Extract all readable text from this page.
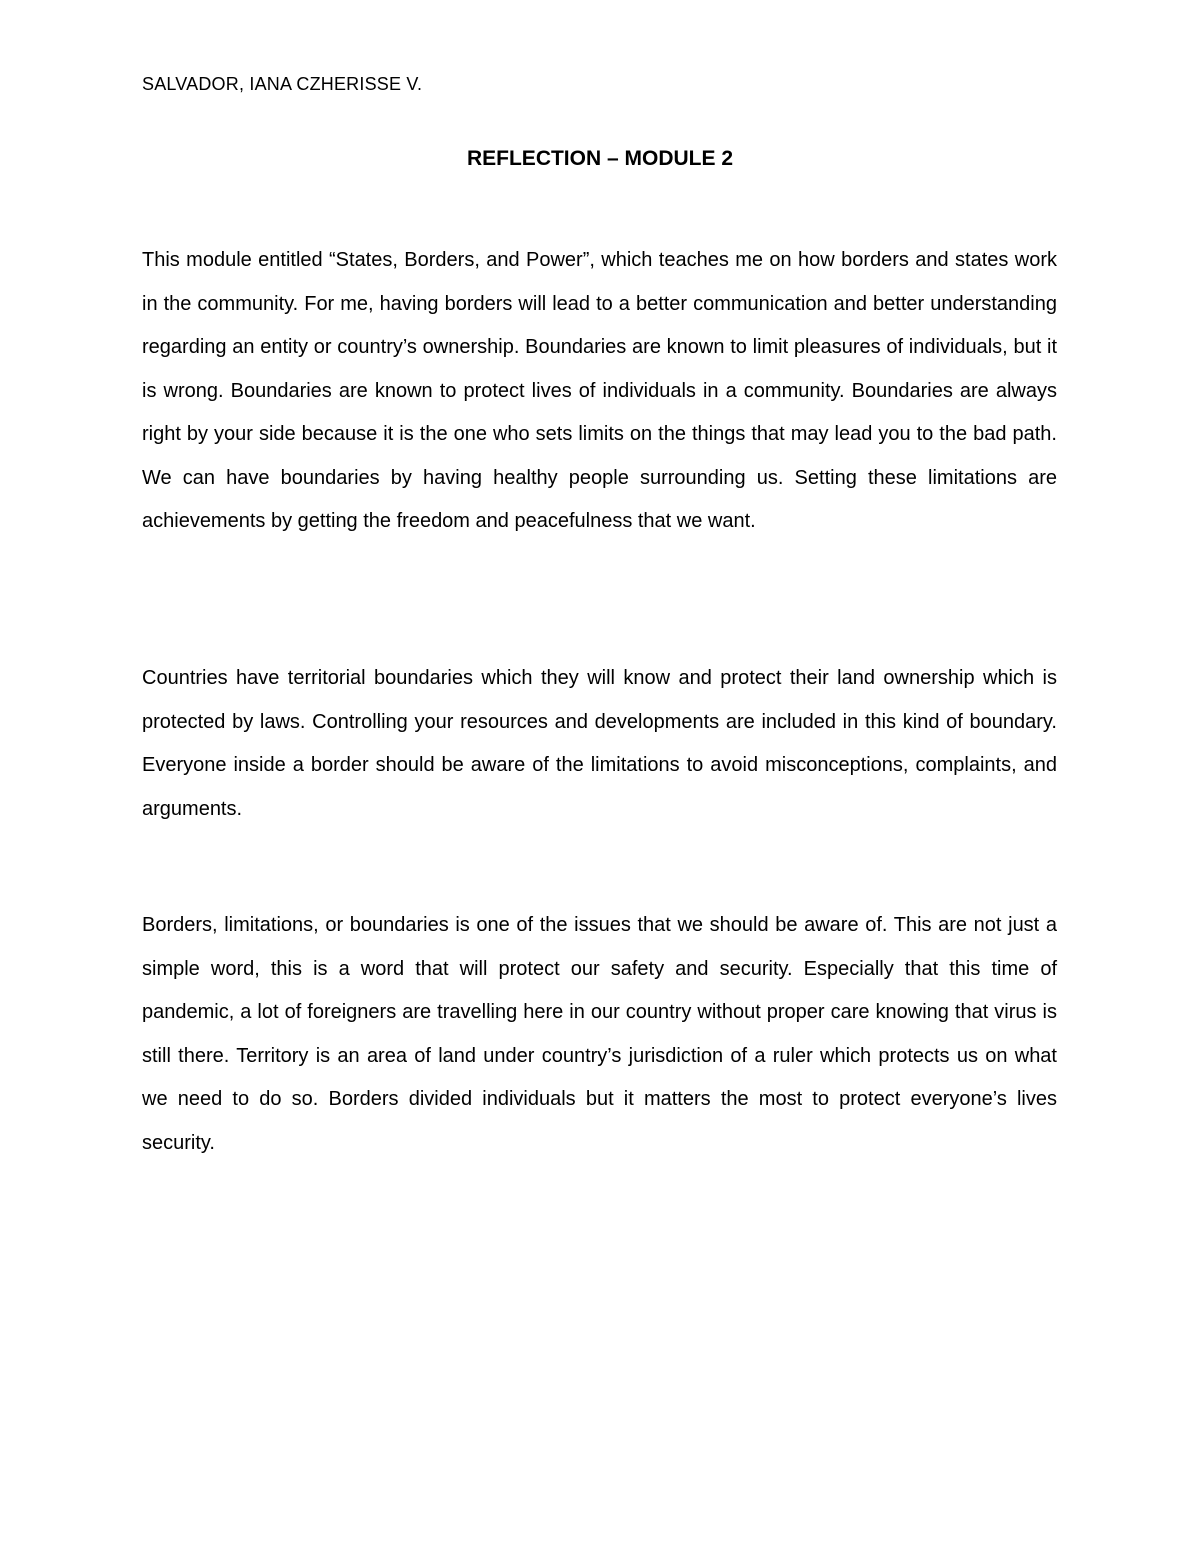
SALVADOR, IANA CZHERISSE V.
REFLECTION – MODULE 2

This module entitled “States, Borders, and Power”, which teaches me on how borders and states work in the community. For me, having borders will lead to a better communication and better understanding regarding an entity or country’s ownership. Boundaries are known to limit pleasures of individuals, but it is wrong. Boundaries are known to protect lives of individuals in a community. Boundaries are always right by your side because it is the one who sets limits on the things that may lead you to the bad path. We can have boundaries by having healthy people surrounding us. Setting these limitations are achievements by getting the freedom and peacefulness that we want.

Countries have territorial boundaries which they will know and protect their land ownership which is protected by laws. Controlling your resources and developments are included in this kind of boundary. Everyone inside a border should be aware of the limitations to avoid misconceptions, complaints, and arguments.

Borders, limitations, or boundaries is one of the issues that we should be aware of. This are not just a simple word, this is a word that will protect our safety and security. Especially that this time of pandemic, a lot of foreigners are travelling here in our country without proper care knowing that virus is still there. Territory is an area of land under country’s jurisdiction of a ruler which protects us on what we need to do so. Borders divided individuals but it matters the most to protect everyone’s lives security.
